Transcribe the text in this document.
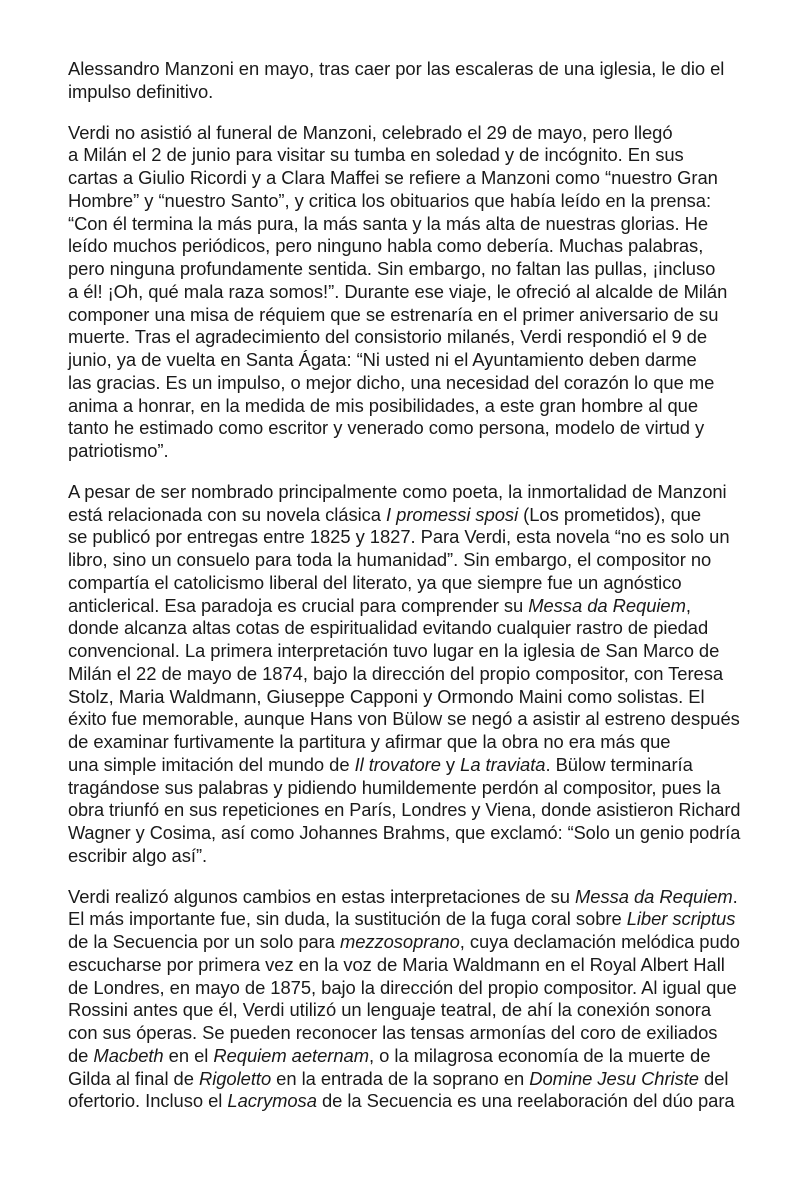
Alessandro Manzoni en mayo, tras caer por las escaleras de una iglesia, le dio el
impulso definitivo.
Verdi no asistió al funeral de Manzoni, celebrado el 29 de mayo, pero llegó
a Milán el 2 de junio para visitar su tumba en soledad y de incógnito. En sus
cartas a Giulio Ricordi y a Clara Maffei se refiere a Manzoni como “nuestro Gran
Hombre” y “nuestro Santo”, y critica los obituarios que había leído en la prensa:
“Con él termina la más pura, la más santa y la más alta de nuestras glorias. He
leído muchos periódicos, pero ninguno habla como debería. Muchas palabras,
pero ninguna profundamente sentida. Sin embargo, no faltan las pullas, ¡incluso
a él! ¡Oh, qué mala raza somos!”. Durante ese viaje, le ofreció al alcalde de Milán
componer una misa de réquiem que se estrenaría en el primer aniversario de su
muerte. Tras el agradecimiento del consistorio milanés, Verdi respondió el 9 de
junio, ya de vuelta en Santa Ágata: “Ni usted ni el Ayuntamiento deben darme
las gracias. Es un impulso, o mejor dicho, una necesidad del corazón lo que me
anima a honrar, en la medida de mis posibilidades, a este gran hombre al que
tanto he estimado como escritor y venerado como persona, modelo de virtud y
patriotismo”.
A pesar de ser nombrado principalmente como poeta, la inmortalidad de Manzoni
está relacionada con su novela clásica I promessi sposi (Los prometidos), que
se publicó por entregas entre 1825 y 1827. Para Verdi, esta novela “no es solo un
libro, sino un consuelo para toda la humanidad”. Sin embargo, el compositor no
compartía el catolicismo liberal del literato, ya que siempre fue un agnóstico
anticlerical. Esa paradoja es crucial para comprender su Messa da Requiem,
donde alcanza altas cotas de espiritualidad evitando cualquier rastro de piedad
convencional. La primera interpretación tuvo lugar en la iglesia de San Marco de
Milán el 22 de mayo de 1874, bajo la dirección del propio compositor, con Teresa
Stolz, Maria Waldmann, Giuseppe Capponi y Ormondo Maini como solistas. El
éxito fue memorable, aunque Hans von Bülow se negó a asistir al estreno después
de examinar furtivamente la partitura y afirmar que la obra no era más que
una simple imitación del mundo de Il trovatore y La traviata. Bülow terminaría
tragándose sus palabras y pidiendo humildemente perdón al compositor, pues la
obra triunfó en sus repeticiones en París, Londres y Viena, donde asistieron Richard
Wagner y Cosima, así como Johannes Brahms, que exclamó: “Solo un genio podría
escribir algo así”.
Verdi realizó algunos cambios en estas interpretaciones de su Messa da Requiem.
El más importante fue, sin duda, la sustitución de la fuga coral sobre Liber scriptus
de la Secuencia por un solo para mezzosoprano, cuya declamación melódica pudo
escucharse por primera vez en la voz de Maria Waldmann en el Royal Albert Hall
de Londres, en mayo de 1875, bajo la dirección del propio compositor. Al igual que
Rossini antes que él, Verdi utilizó un lenguaje teatral, de ahí la conexión sonora
con sus óperas. Se pueden reconocer las tensas armonías del coro de exiliados
de Macbeth en el Requiem aeternam, o la milagrosa economía de la muerte de
Gilda al final de Rigoletto en la entrada de la soprano en Domine Jesu Christe del
ofertorio. Incluso el Lacrymosa de la Secuencia es una reelaboración del dúo para
